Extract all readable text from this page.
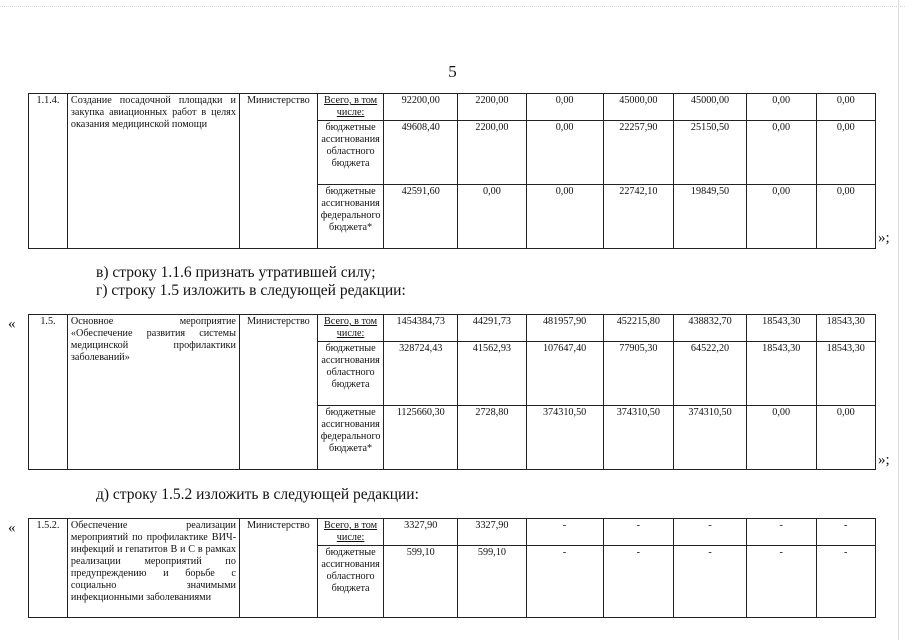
5
1.1.4.	Создание посадочной площадки и закупка авиационных работ в целях оказания медицинской помощи	Министерство	Всего, в том числе:	92200,00	2200,00	0,00	45000,00	45000,00	0,00	0,00
			бюджетные ассигнования областного бюджета	49608,40	2200,00	0,00	22257,90	25150,50	0,00	0,00
			бюджетные ассигнования федерального бюджета*	42591,60	0,00	0,00	22742,10	19849,50	0,00	0,00
»;
в) строку 1.1.6 признать утратившей силу;
г) строку 1.5 изложить в следующей редакции:
« 1.5.	Основное мероприятие «Обеспечение развития системы медицинской профилактики заболеваний»	Министерство	Всего, в том числе:	1454384,73	44291,73	481957,90	452215,80	438832,70	18543,30	18543,30
			бюджетные ассигнования областного бюджета	328724,43	41562,93	107647,40	77905,30	64522,20	18543,30	18543,30
			бюджетные ассигнования федерального бюджета*	1125660,30	2728,80	374310,50	374310,50	374310,50	0,00	0,00
»;
д) строку 1.5.2 изложить в следующей редакции:
« 1.5.2.	Обеспечение реализации мероприятий по профилактике ВИЧ-инфекций и гепатитов В и С в рамках реализации мероприятий по предупреждению и борьбе с социально значимыми инфекционными заболеваниями	Министерство	Всего, в том числе:	3327,90	3327,90	-	-	-	-	-
			бюджетные ассигнования областного бюджета	599,10	599,10	-	-	-	-	-
